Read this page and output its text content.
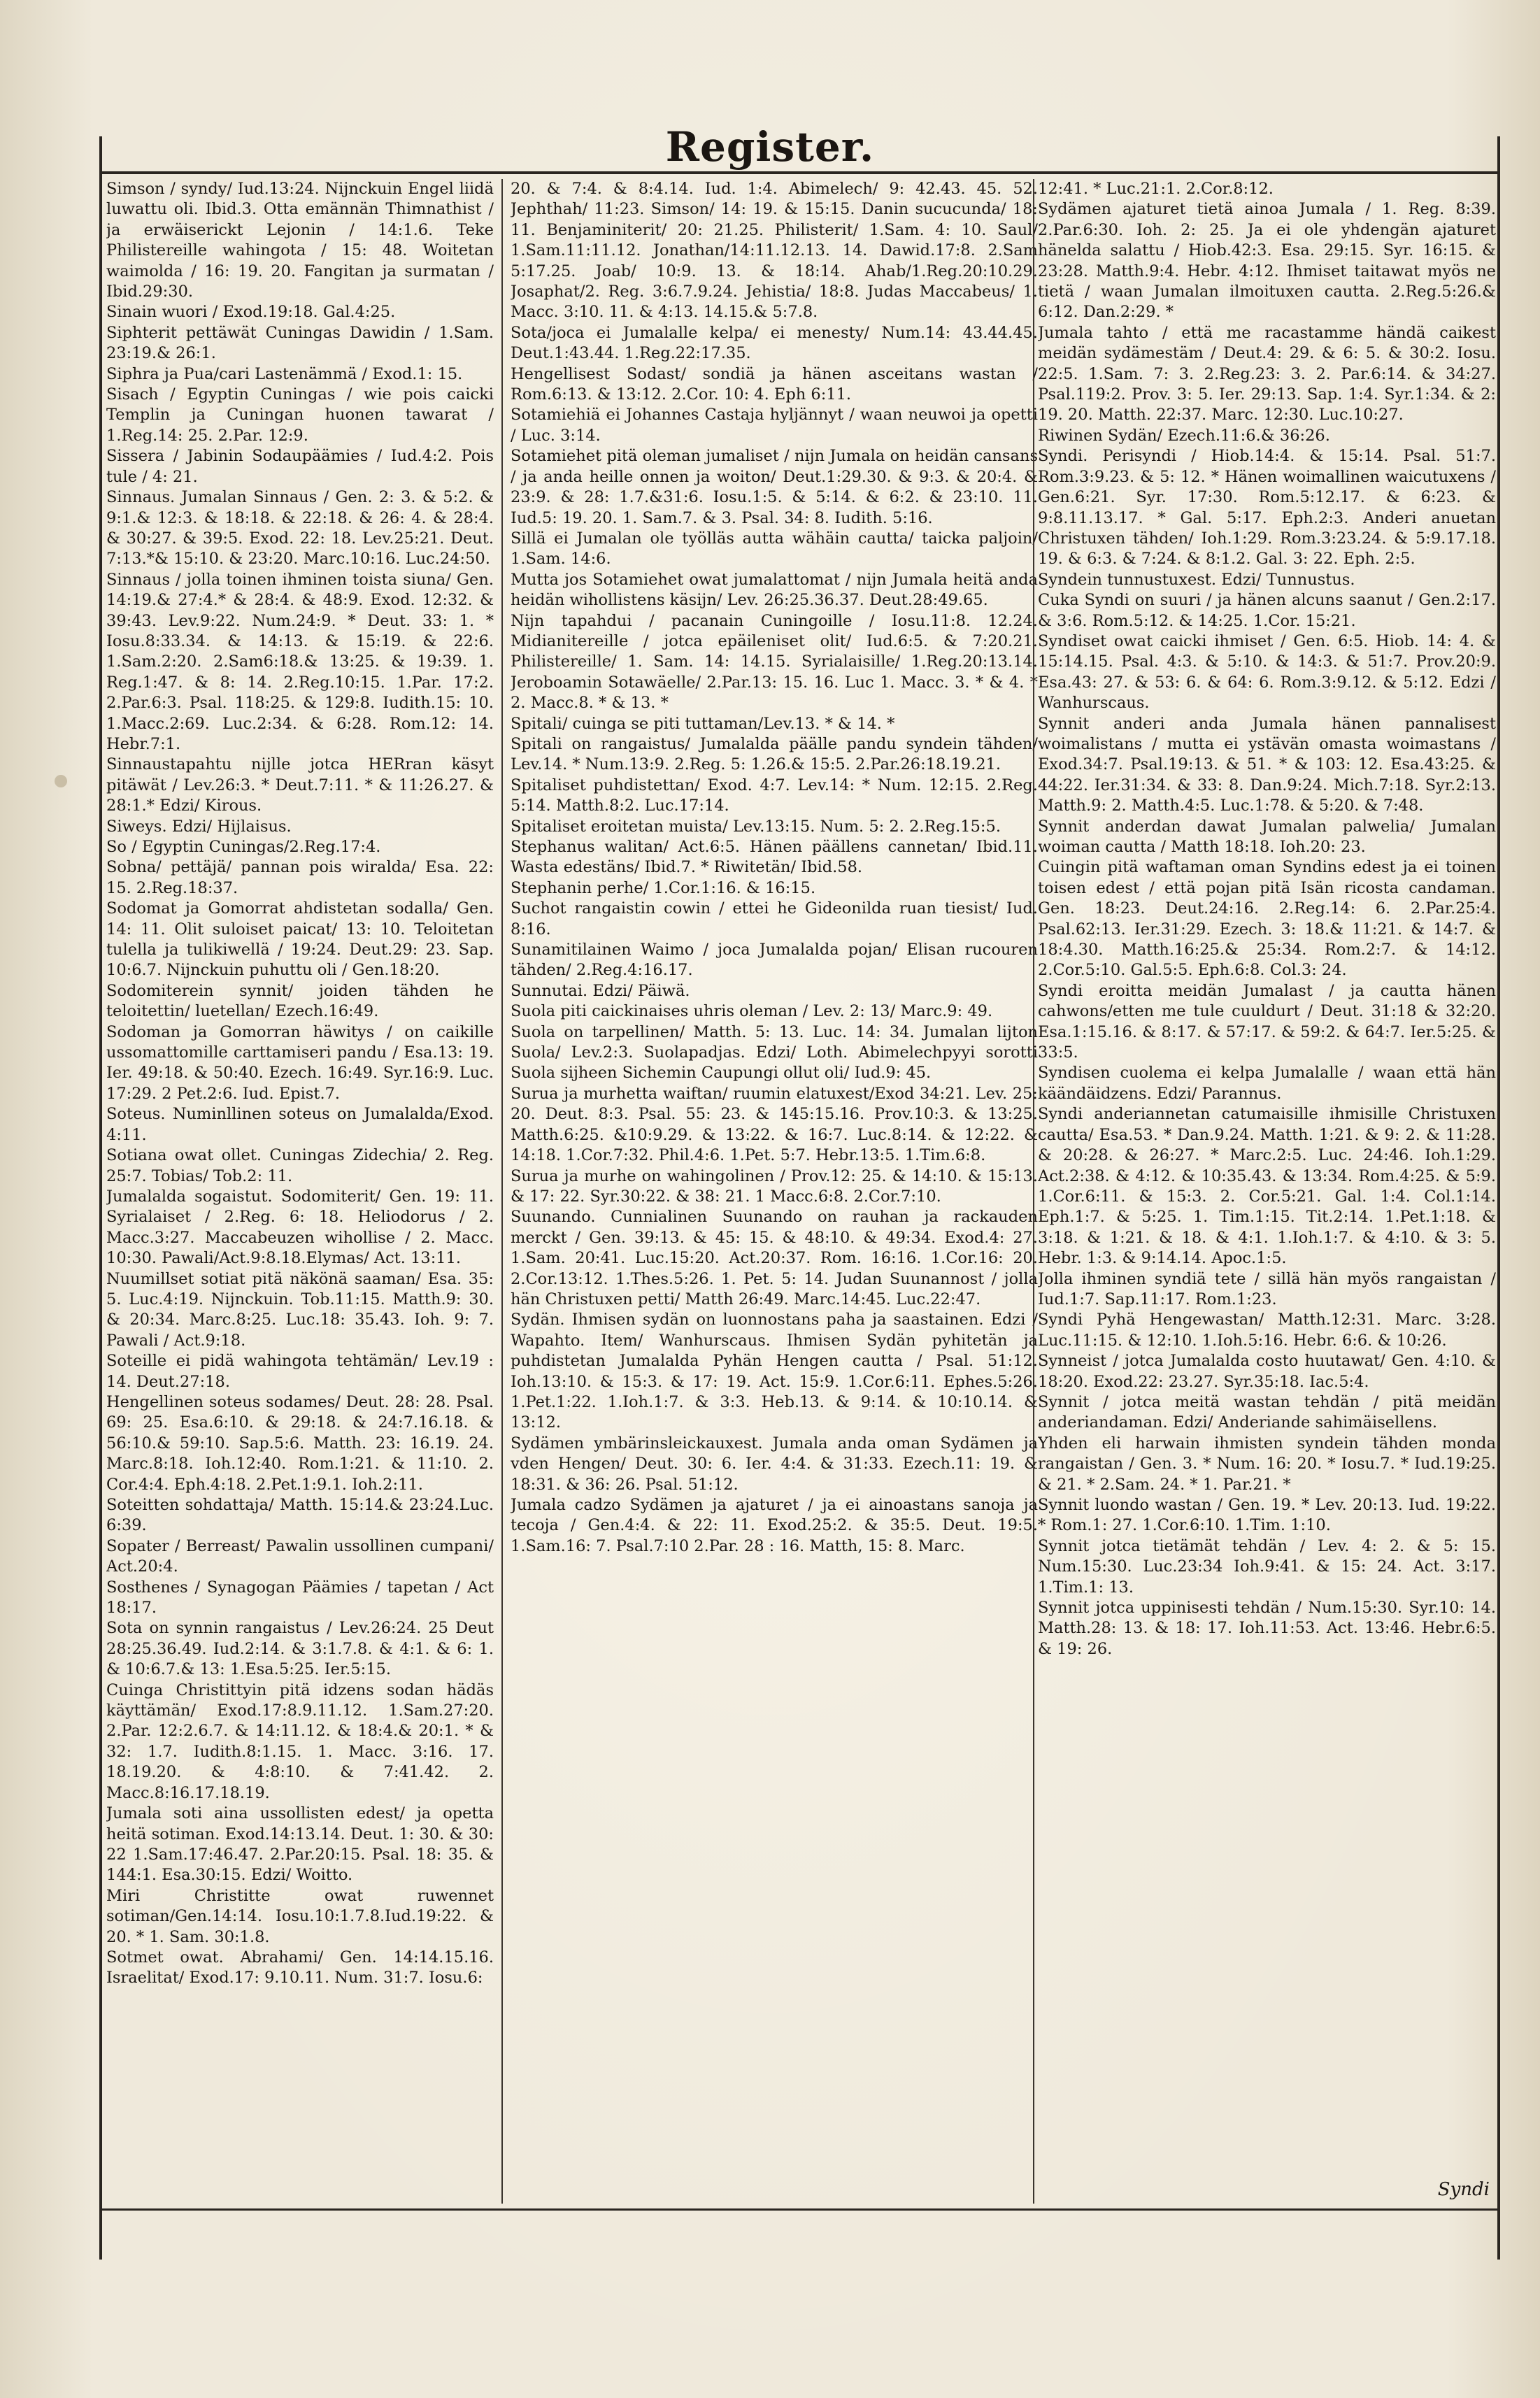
Register.

Simson / syndy/ Iud.13:24. Nijnckuin Engel liidä luwattu oli. Ibid.3. Otta emännän Thimnathist / ja erwäiserickt Lejonin / 14:1.6. Teke Philistereille wahingota / 15: 48. Woitetan waimolda / 16: 19. 20. Fangitan ja surmatan / Ibid.29:30.

Sinain wuori / Exod.19:18. Gal.4:25.

Siphterit pettäwät Cuningas Dawidin / 1.Sam. 23:19.& 26:1.

Siphra ja Pua/cari Lastenämmä / Exod.1: 15.

Sisach / Egyptin Cuningas / wie pois caicki Templin ja Cuningan huonen tawarat / 1.Reg.14: 25. 2.Par. 12:9.

Sissera / Jabinin Sodaupäämies / Iud.4:2. Pois tule / 4: 21.

Sinnaus. Jumalan Sinnaus / Gen. 2: 3. & 5:2. & 9:1.& 12:3. & 18:18. & 22:18. & 26: 4. & 28:4. & 30:27. & 39:5. Exod. 22: 18. Lev.25:21. Deut. 7:13.*& 15:10. & 23:20. Marc.10:16. Luc.24:50.

Sinnaus / jolla toinen ihminen toista siuna/ Gen. 14:19.& 27:4.* & 28:4. & 48:9. Exod. 12:32. & 39:43. Lev.9:22. Num.24:9. * Deut. 33: 1. * Iosu.8:33.34. & 14:13. & 15:19. & 22:6. 1.Sam.2:20. 2.Sam6:18.& 13:25. & 19:39. 1. Reg.1:47. & 8: 14. 2.Reg.10:15. 1.Par. 17:2. 2.Par.6:3. Psal. 118:25. & 129:8. Iudith.15: 10. 1.Macc.2:69. Luc.2:34. & 6:28. Rom.12: 14. Hebr.7:1.

Sinnaustapahtu nijlle jotca HERran käsyt pitäwät / Lev.26:3. * Deut.7:11. * & 11:26.27. & 28:1.* Edzi/ Kirous.

Siweys. Edzi/ Hijlaisus.

So / Egyptin Cuningas/2.Reg.17:4.

Sobna/ pettäjä/ pannan pois wiralda/ Esa. 22: 15. 2.Reg.18:37.

Sodomat ja Gomorrat ahdistetan sodalla/ Gen. 14: 11. Olit suloiset paicat/ 13: 10. Teloitetan tulella ja tulikiwellä / 19:24. Deut.29: 23. Sap. 10:6.7. Nijnckuin puhuttu oli / Gen.18:20.

Sodomiterein synnit/ joiden tähden he teloitettin/ luetellan/ Ezech.16:49.

Sodoman ja Gomorran häwitys / on caikille ussomattomille carttamiseri pandu / Esa.13: 19. Ier. 49:18. & 50:40. Ezech. 16:49. Syr.16:9. Luc. 17:29. 2 Pet.2:6. Iud. Epist.7.

Soteus. Numinllinen soteus on Jumalalda/Exod. 4:11.

Sotiana owat ollet. Cuningas Zidechia/ 2. Reg. 25:7. Tobias/ Tob.2: 11.

Jumalalda sogaistut. Sodomiterit/ Gen. 19: 11. Syrialaiset / 2.Reg. 6: 18. Heliodorus / 2. Macc.3:27. Maccabeuzen wihollise / 2. Macc. 10:30. Pawali/Act.9:8.18.Elymas/ Act. 13:11.

Nuumillset sotiat pitä näkönä saaman/ Esa. 35: 5. Luc.4:19. Nijnckuin. Tob.11:15. Matth.9: 30. & 20:34. Marc.8:25. Luc.18: 35.43. Ioh. 9: 7. Pawali / Act.9:18.

Soteille ei pidä wahingota tehtämän/ Lev.19 : 14. Deut.27:18.

Hengellinen soteus sodames/ Deut. 28: 28. Psal. 69: 25. Esa.6:10. & 29:18. & 24:7.16.18. & 56:10.& 59:10. Sap.5:6. Matth. 23: 16.19. 24. Marc.8:18. Ioh.12:40. Rom.1:21. & 11:10. 2. Cor.4:4. Eph.4:18. 2.Pet.1:9.1. Ioh.2:11.

Soteitten sohdattaja/ Matth. 15:14.& 23:24.Luc. 6:39.

Sopater / Berreast/ Pawalin ussollinen cumpani/ Act.20:4.

Sosthenes / Synagogan Päämies / tapetan / Act 18:17.

Sota on synnin rangaistus / Lev.26:24. 25 Deut 28:25.36.49. Iud.2:14. & 3:1.7.8. & 4:1. & 6: 1. & 10:6.7.& 13: 1.Esa.5:25. Ier.5:15.

Cuinga Christittyin pitä idzens sodan hädäs käyttämän/ Exod.17:8.9.11.12. 1.Sam.27:20. 2.Par. 12:2.6.7. & 14:11.12. & 18:4.& 20:1. * & 32: 1.7. Iudith.8:1.15. 1. Macc. 3:16. 17. 18.19.20. & 4:8:10. & 7:41.42. 2. Macc.8:16.17.18.19.

Jumala soti aina ussollisten edest/ ja opetta heitä sotiman. Exod.14:13.14. Deut. 1: 30. & 30: 22 1.Sam.17:46.47. 2.Par.20:15. Psal. 18: 35. & 144:1. Esa.30:15. Edzi/ Woitto.

Miri Christitte owat ruwennet sotiman/Gen.14:14. Iosu.10:1.7.8.Iud.19:22. & 20. * 1. Sam. 30:1.8.

Sotmet owat. Abrahami/ Gen. 14:14.15.16. Israelitat/ Exod.17: 9.10.11. Num. 31:7. Iosu.6:

20. & 7:4. & 8:4.14. Iud. 1:4. Abimelech/ 9: 42.43. 45. 52. Jephthah/ 11:23. Simson/ 14: 19. & 15:15. Danin sucucunda/ 18: 11. Benjaminiterit/ 20: 21.25. Philisterit/ 1.Sam. 4: 10. Saul/ 1.Sam.11:11.12. Jonathan/14:11.12.13. 14. Dawid.17:8. 2.Sam 5:17.25. Joab/ 10:9. 13. & 18:14. Ahab/1.Reg.20:10.29. Josaphat/2. Reg. 3:6.7.9.24. Jehistia/ 18:8. Judas Maccabeus/ 1. Macc. 3:10. 11. & 4:13. 14.15.& 5:7.8.

Sota/joca ei Jumalalle kelpa/ ei menesty/ Num.14: 43.44.45. Deut.1:43.44. 1.Reg.22:17.35.

Hengellisest Sodast/ sondiä ja hänen asceitans wastan / Rom.6:13. & 13:12. 2.Cor. 10: 4. Eph 6:11.

Sotamiehiä ei Johannes Castaja hyljännyt / waan neuwoi ja opetti / Luc. 3:14.

Sotamiehet pitä oleman jumaliset / nijn Jumala on heidän cansans / ja anda heille onnen ja woiton/ Deut.1:29.30. & 9:3. & 20:4. & 23:9. & 28: 1.7.&31:6. Iosu.1:5. & 5:14. & 6:2. & 23:10. 11. Iud.5: 19. 20. 1. Sam.7. & 3. Psal. 34: 8. Iudith. 5:16.

Sillä ei Jumalan ole työlläs autta wähäin cautta/ taicka paljoin/ 1.Sam. 14:6.

Mutta jos Sotamiehet owat jumalattomat / nijn Jumala heitä anda heidän wihollistens käsijn/ Lev. 26:25.36.37. Deut.28:49.65.

Nijn tapahdui / pacanain Cuningoille / Iosu.11:8. 12.24. Midianitereille / jotca epäileniset olit/ Iud.6:5. & 7:20.21. Philistereille/ 1. Sam. 14: 14.15. Syrialaisille/ 1.Reg.20:13.14. Jeroboamin Sotawäelle/ 2.Par.13: 15. 16. Luc 1. Macc. 3. * & 4. * 2. Macc.8. * & 13. *

Spitali/ cuinga se piti tuttaman/Lev.13. * & 14. *

Spitali on rangaistus/ Jumalalda päälle pandu syndein tähden/ Lev.14. * Num.13:9. 2.Reg. 5: 1.26.& 15:5. 2.Par.26:18.19.21.

Spitaliset puhdistettan/ Exod. 4:7. Lev.14: * Num. 12:15. 2.Reg. 5:14. Matth.8:2. Luc.17:14.

Spitaliset eroitetan muista/ Lev.13:15. Num. 5: 2. 2.Reg.15:5.

Stephanus walitan/ Act.6:5. Hänen päällens cannetan/ Ibid.11. Wasta edestäns/ Ibid.7. * Riwitetän/ Ibid.58.

Stephanin perhe/ 1.Cor.1:16. & 16:15.

Suchot rangaistin cowin / ettei he Gideonilda ruan tiesist/ Iud. 8:16.

Sunamitilainen Waimo / joca Jumalalda pojan/ Elisan rucouren tähden/ 2.Reg.4:16.17.

Sunnutai. Edzi/ Päiwä.

Suola piti caickinaises uhris oleman / Lev. 2: 13/ Marc.9: 49.

Suola on tarpellinen/ Matth. 5: 13. Luc. 14: 34. Jumalan lijton Suola/ Lev.2:3. Suolapadjas. Edzi/ Loth. Abimelechpyyi sorotti Suola sijheen Sichemin Caupungi ollut oli/ Iud.9: 45.

Surua ja murhetta waiftan/ ruumin elatuxest/Exod 34:21. Lev. 25: 20. Deut. 8:3. Psal. 55: 23. & 145:15.16. Prov.10:3. & 13:25. Matth.6:25. &10:9.29. & 13:22. & 16:7. Luc.8:14. & 12:22. & 14:18. 1.Cor.7:32. Phil.4:6. 1.Pet. 5:7. Hebr.13:5. 1.Tim.6:8.

Surua ja murhe on wahingolinen / Prov.12: 25. & 14:10. & 15:13. & 17: 22. Syr.30:22. & 38: 21. 1 Macc.6:8. 2.Cor.7:10.

Suunando. Cunnialinen Suunando on rauhan ja rackauden merckt / Gen. 39:13. & 45: 15. & 48:10. & 49:34. Exod.4: 27. 1.Sam. 20:41. Luc.15:20. Act.20:37. Rom. 16:16. 1.Cor.16: 20. 2.Cor.13:12. 1.Thes.5:26. 1. Pet. 5: 14. Judan Suunannost / jolla hän Christuxen petti/ Matth 26:49. Marc.14:45. Luc.22:47.

Sydän. Ihmisen sydän on luonnostans paha ja saastainen. Edzi / Wapahto. Item/ Wanhurscaus. Ihmisen Sydän pyhitetän ja puhdistetan Jumalalda Pyhän Hengen cautta / Psal. 51:12. Ioh.13:10. & 15:3. & 17: 19. Act. 15:9. 1.Cor.6:11. Ephes.5:26. 1.Pet.1:22. 1.Ioh.1:7. & 3:3. Heb.13. & 9:14. & 10:10.14. & 13:12.

Sydämen ymbärinsleickauxest. Jumala anda oman Sydämen ja vden Hengen/ Deut. 30: 6. Ier. 4:4. & 31:33. Ezech.11: 19. & 18:31. & 36: 26. Psal. 51:12.

Jumala cadzo Sydämen ja ajaturet / ja ei ainoastans sanoja ja tecoja / Gen.4:4. & 22: 11. Exod.25:2. & 35:5. Deut. 19:5. 1.Sam.16: 7. Psal.7:10 2.Par. 28 : 16. Matth, 15: 8. Marc.

12:41. * Luc.21:1. 2.Cor.8:12.

Sydämen ajaturet tietä ainoa Jumala / 1. Reg. 8:39. 2.Par.6:30. Ioh. 2: 25. Ja ei ole yhdengän ajaturet hänelda salattu / Hiob.42:3. Esa. 29:15. Syr. 16:15. & 23:28. Matth.9:4. Hebr. 4:12. Ihmiset taitawat myös ne tietä / waan Jumalan ilmoituxen cautta. 2.Reg.5:26.& 6:12. Dan.2:29. *

Jumala tahto / että me racastamme händä caikest meidän sydämestäm / Deut.4: 29. & 6: 5. & 30:2. Iosu. 22:5. 1.Sam. 7: 3. 2.Reg.23: 3. 2. Par.6:14. & 34:27. Psal.119:2. Prov. 3: 5. Ier. 29:13. Sap. 1:4. Syr.1:34. & 2: 19. 20. Matth. 22:37. Marc. 12:30. Luc.10:27.

Riwinen Sydän/ Ezech.11:6.& 36:26.

Syndi. Perisyndi / Hiob.14:4. & 15:14. Psal. 51:7. Rom.3:9.23. & 5: 12. * Hänen woimallinen waicutuxens / Gen.6:21. Syr. 17:30. Rom.5:12.17. & 6:23. & 9:8.11.13.17. * Gal. 5:17. Eph.2:3. Anderi anuetan Christuxen tähden/ Ioh.1:29. Rom.3:23.24. & 5:9.17.18. 19. & 6:3. & 7:24. & 8:1.2. Gal. 3: 22. Eph. 2:5.

Syndein tunnustuxest. Edzi/ Tunnustus.

Cuka Syndi on suuri / ja hänen alcuns saanut / Gen.2:17. & 3:6. Rom.5:12. & 14:25. 1.Cor. 15:21.

Syndiset owat caicki ihmiset / Gen. 6:5. Hiob. 14: 4. & 15:14.15. Psal. 4:3. & 5:10. & 14:3. & 51:7. Prov.20:9. Esa.43: 27. & 53: 6. & 64: 6. Rom.3:9.12. & 5:12. Edzi / Wanhurscaus.

Synnit anderi anda Jumala hänen pannalisest woimalistans / mutta ei ystävän omasta woimastans / Exod.34:7. Psal.19:13. & 51. * & 103: 12. Esa.43:25. & 44:22. Ier.31:34. & 33: 8. Dan.9:24. Mich.7:18. Syr.2:13. Matth.9: 2. Matth.4:5. Luc.1:78. & 5:20. & 7:48.

Synnit anderdan dawat Jumalan palwelia/ Jumalan woiman cautta / Matth 18:18. Ioh.20: 23.

Cuingin pitä waftaman oman Syndins edest ja ei toinen toisen edest / että pojan pitä Isän ricosta candaman. Gen. 18:23. Deut.24:16. 2.Reg.14: 6. 2.Par.25:4. Psal.62:13. Ier.31:29. Ezech. 3: 18.& 11:21. & 14:7. & 18:4.30. Matth.16:25.& 25:34. Rom.2:7. & 14:12. 2.Cor.5:10. Gal.5:5. Eph.6:8. Col.3: 24.

Syndi eroitta meidän Jumalast / ja cautta hänen cahwons/etten me tule cuuldurt / Deut. 31:18 & 32:20. Esa.1:15.16. & 8:17. & 57:17. & 59:2. & 64:7. Ier.5:25. & 33:5.

Syndisen cuolema ei kelpa Jumalalle / waan että hän käändäidzens. Edzi/ Parannus.

Syndi anderiannetan catumaisille ihmisille Christuxen cautta/ Esa.53. * Dan.9.24. Matth. 1:21. & 9: 2. & 11:28. & 20:28. & 26:27. * Marc.2:5. Luc. 24:46. Ioh.1:29. Act.2:38. & 4:12. & 10:35.43. & 13:34. Rom.4:25. & 5:9. 1.Cor.6:11. & 15:3. 2. Cor.5:21. Gal. 1:4. Col.1:14. Eph.1:7. & 5:25. 1. Tim.1:15. Tit.2:14. 1.Pet.1:18. & 3:18. & 1:21. & 18. & 4:1. 1.Ioh.1:7. & 4:10. & 3: 5. Hebr. 1:3. & 9:14.14. Apoc.1:5.

Jolla ihminen syndiä tete / sillä hän myös rangaistan / Iud.1:7. Sap.11:17. Rom.1:23.

Syndi Pyhä Hengewastan/ Matth.12:31. Marc. 3:28. Luc.11:15. & 12:10. 1.Ioh.5:16. Hebr. 6:6. & 10:26.

Synneist / jotca Jumalalda costo huutawat/ Gen. 4:10. & 18:20. Exod.22: 23.27. Syr.35:18. Iac.5:4.

Synnit / jotca meitä wastan tehdän / pitä meidän anderiandaman. Edzi/ Anderiande sahimäisellens.

Yhden eli harwain ihmisten syndein tähden monda rangaistan / Gen. 3. * Num. 16: 20. * Iosu.7. * Iud.19:25. & 21. * 2.Sam. 24. * 1. Par.21. *

Synnit luondo wastan / Gen. 19. * Lev. 20:13. Iud. 19:22. * Rom.1: 27. 1.Cor.6:10. 1.Tim. 1:10.

Synnit jotca tietämät tehdän / Lev. 4: 2. & 5: 15. Num.15:30. Luc.23:34 Ioh.9:41. & 15: 24. Act. 3:17. 1.Tim.1: 13.

Synnit jotca uppinisesti tehdän / Num.15:30. Syr.10: 14. Matth.28: 13. & 18: 17. Ioh.11:53. Act. 13:46. Hebr.6:5. & 19: 26.

Syndi
